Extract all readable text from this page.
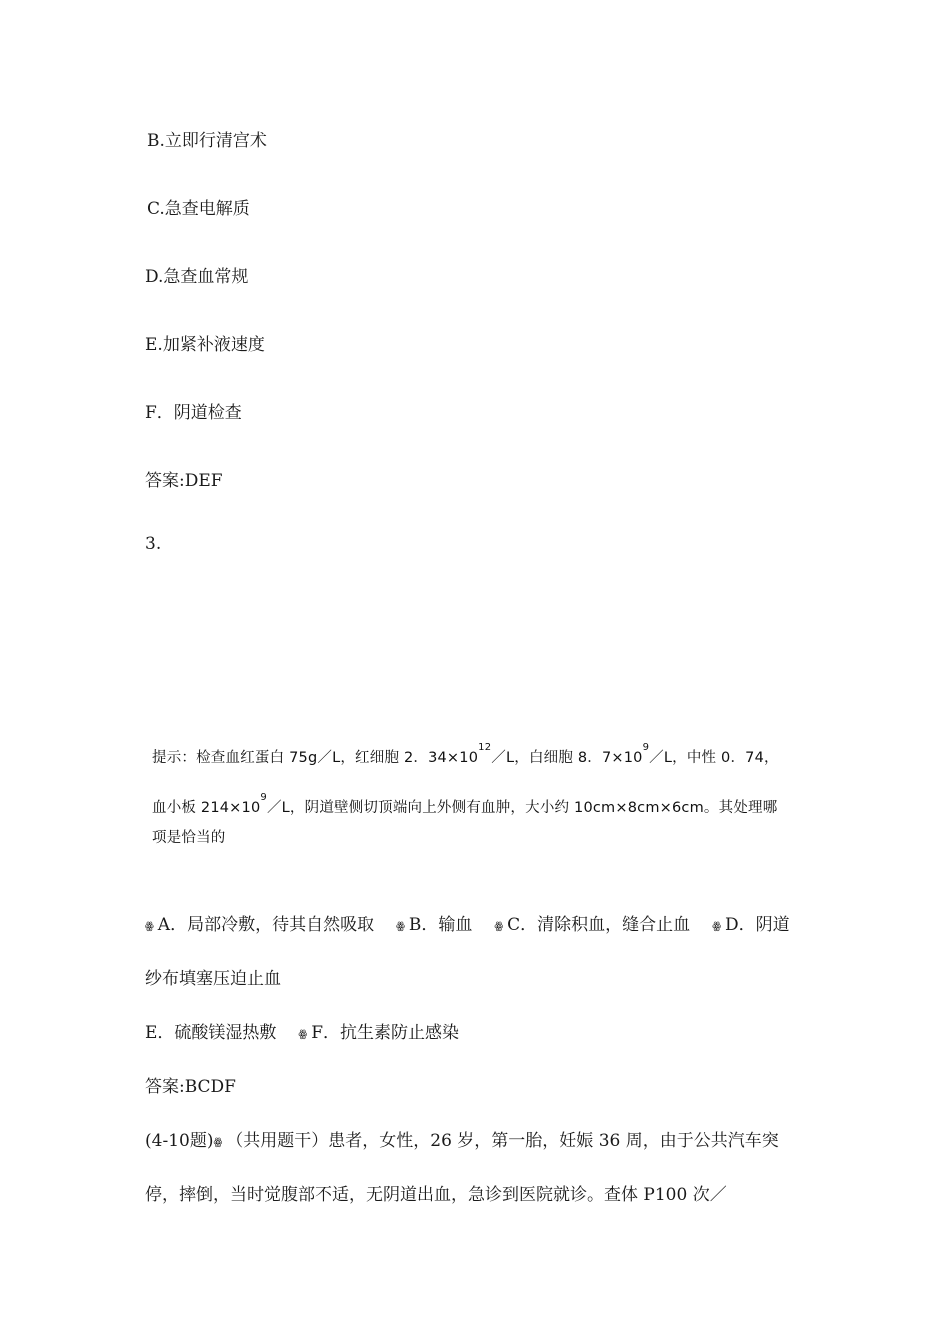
B.立即行清宫术
C.急查电解质
D.急查血常规
E.加紧补液速度
F．阴道检查
答案:DEF
3.
提示：检查血红蛋白 75g／L，红细胞 2．$34\times 10^{12}/L$，白细胞 8．$7\times 10^9/L$，中性 0．74，
血小板 $214\times 10^9/L$，阴道壁侧切顶端向上外侧有血肿，大小约 10cm×8cm×6cm。其处理哪
项是恰当的
ꙮ A．局部冷敷，待其自然吸取 ꙮ B．输血 ꙮ C．清除积血，缝合止血 ꙮ D．阴道
纱布填塞压迫止血
E．硫酸镁湿热敷 ꙮ F．抗生素防止感染
答案:BCDF
(4-10题)ꙮ （共用题干）患者，女性，26 岁，第一胎，妊娠 36 周，由于公共汽车突
停，摔倒，当时觉腹部不适，无阴道出血，急诊到医院就诊。查体 P100 次／
